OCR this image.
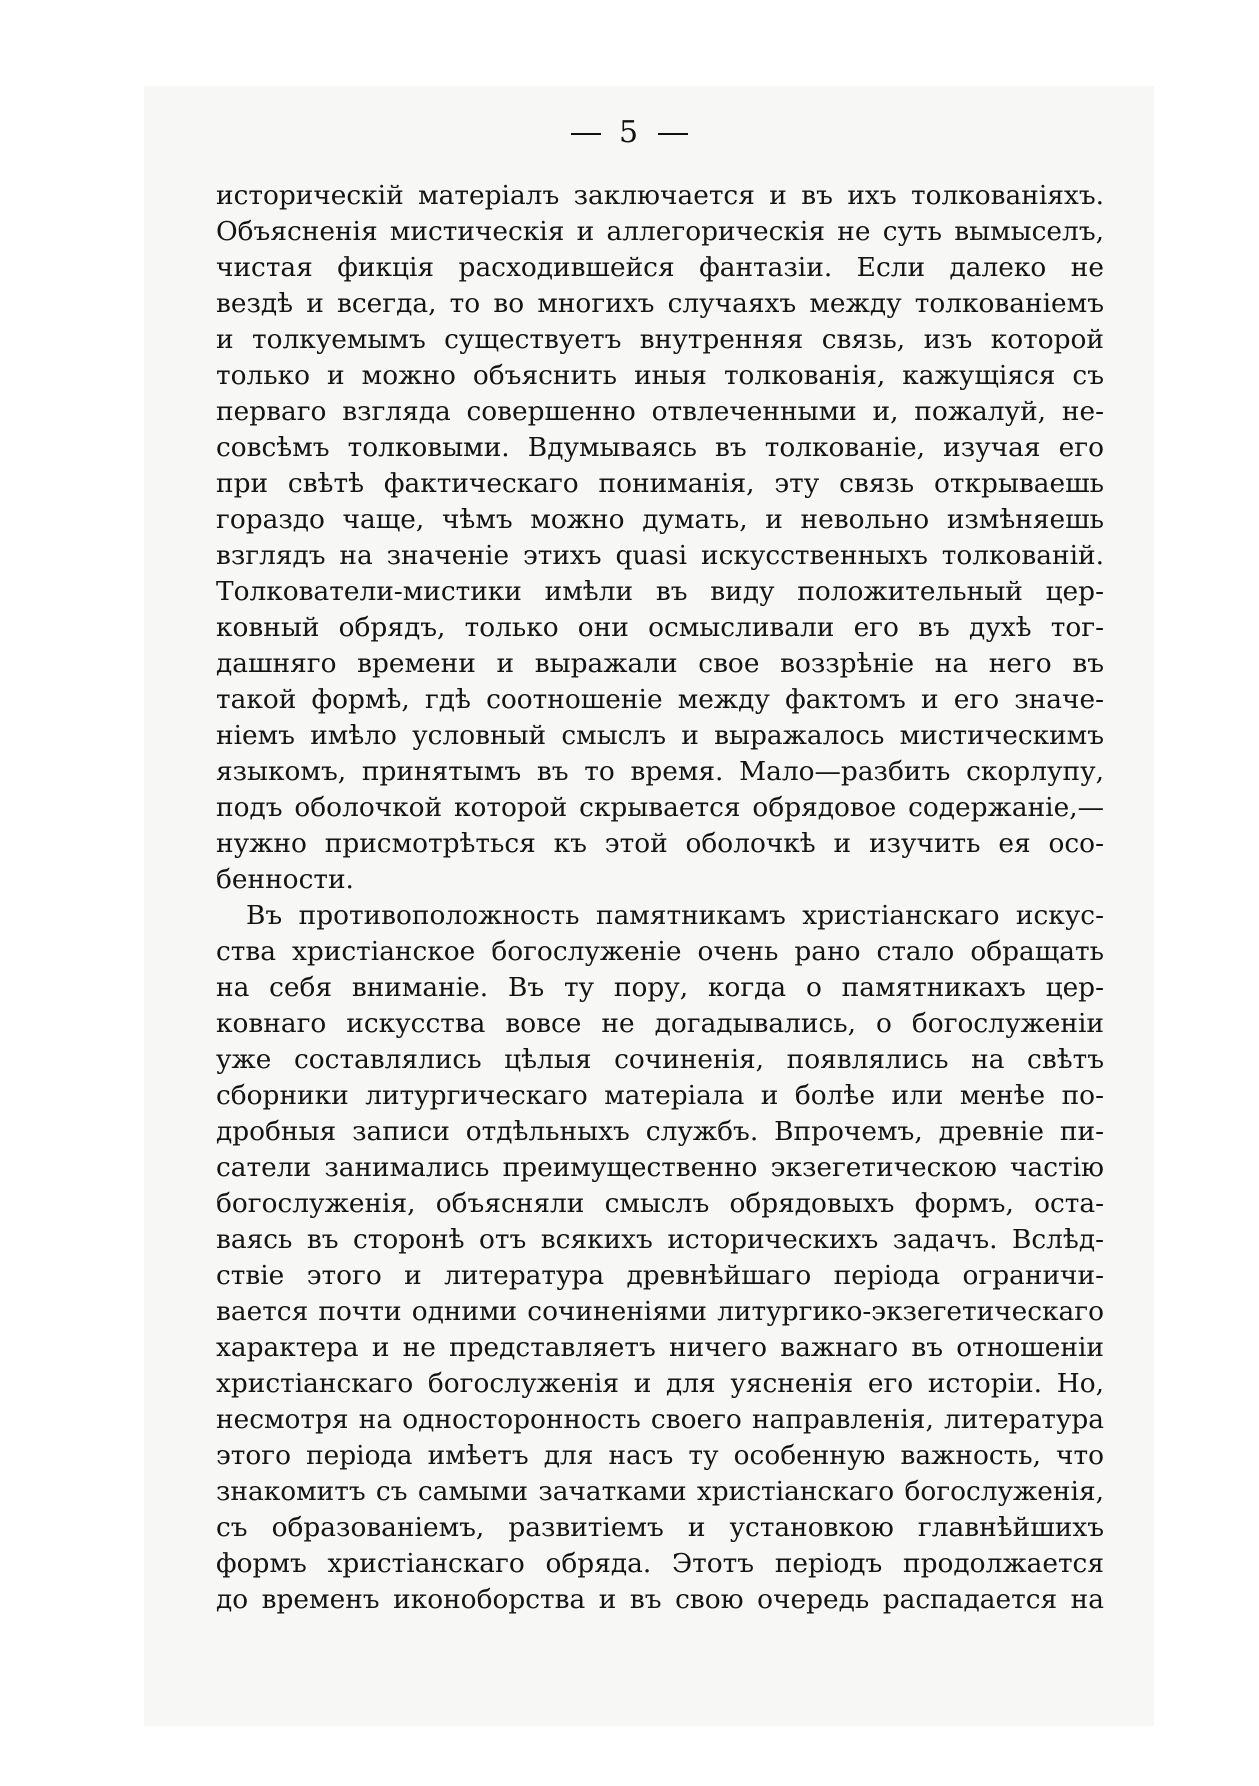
5
историческій матеріалъ заключается и въ ихъ толкованіяхъ.
Объясненія мистическія и аллегорическія не суть вымыселъ,
чистая фикція расходившейся фантазіи. Если далеко не
вездѣ и всегда, то во многихъ случаяхъ между толкованіемъ
и толкуемымъ существуетъ внутренняя связь, изъ которой
только и можно объяснить иныя толкованія, кажущіяся съ
перваго взгляда совершенно отвлеченными и, пожалуй, не-
совсѣмъ толковыми. Вдумываясь въ толкованіе, изучая его
при свѣтѣ фактическаго пониманія, эту связь открываешь
гораздо чаще, чѣмъ можно думать, и невольно измѣняешь
взглядъ на значеніе этихъ quasi искусственныхъ толкованій.
Толкователи-мистики имѣли въ виду положительный цер-
ковный обрядъ, только они осмысливали его въ духѣ тог-
дашняго времени и выражали свое воззрѣніе на него въ
такой формѣ, гдѣ соотношеніе между фактомъ и его значе-
ніемъ имѣло условный смыслъ и выражалось мистическимъ
языкомъ, принятымъ въ то время. Мало—разбить скорлупу,
подъ оболочкой которой скрывается обрядовое содержаніе,—
нужно присмотрѣться къ этой оболочкѣ и изучить ея осо-
бенности.
Въ противоположность памятникамъ христіанскаго искус-
ства христіанское богослуженіе очень рано стало обращать
на себя вниманіе. Въ ту пору, когда о памятникахъ цер-
ковнаго искусства вовсе не догадывались, о богослуженіи
уже составлялись цѣлыя сочиненія, появлялись на свѣтъ
сборники литургическаго матеріала и болѣе или менѣе по-
дробныя записи отдѣльныхъ службъ. Впрочемъ, древніе пи-
сатели занимались преимущественно экзегетическою частію
богослуженія, объясняли смыслъ обрядовыхъ формъ, оста-
ваясь въ сторонѣ отъ всякихъ историческихъ задачъ. Вслѣд-
ствіе этого и литература древнѣйшаго періода ограничи-
вается почти одними сочиненіями литургико-экзегетическаго
характера и не представляетъ ничего важнаго въ отношеніи
христіанскаго богослуженія и для уясненія его исторіи. Но,
несмотря на односторонность своего направленія, литература
этого періода имѣетъ для насъ ту особенную важность, что
знакомитъ съ самыми зачатками христіанскаго богослуженія,
съ образованіемъ, развитіемъ и установкою главнѣйшихъ
формъ христіанскаго обряда. Этотъ періодъ продолжается
до временъ иконоборства и въ свою очередь распадается на
